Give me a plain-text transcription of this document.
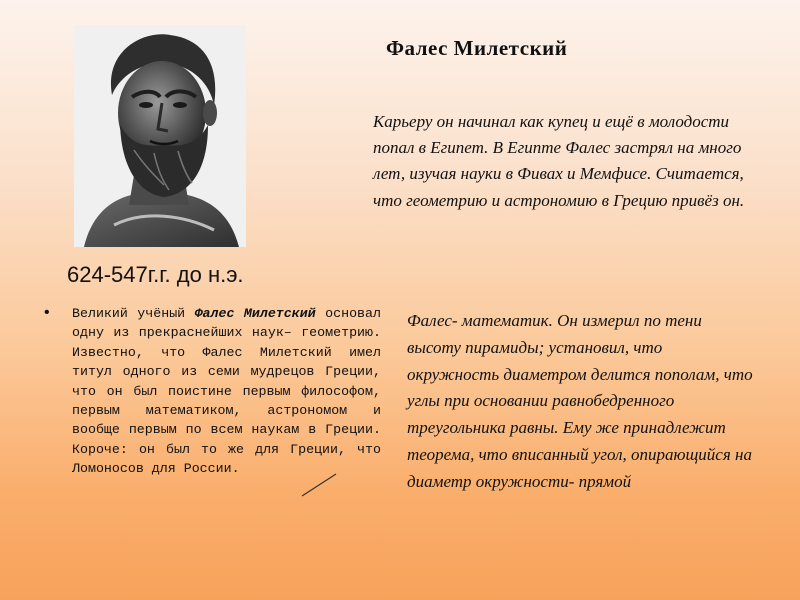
Фалес Милетский
Карьеру он начинал как купец и ещё в молодости попал в Египет. В Египте Фалес застрял на много лет, изучая науки в Фивах и Мемфисе. Считается, что геометрию и астрономию в Грецию привёз он.
624-547г.г. до н.э.
• Великий учёный Фалес Милетский основал одну из прекраснейших наук– геометрию. Известно, что Фалес Милетский имел титул одного из семи мудрецов Греции, что он был поистине первым философом, первым математиком, астрономом и вообще первым по всем наукам в Греции. Короче: он был то же для Греции, что Ломоносов для России.
Фалес- математик. Он измерил по тени высоту пирамиды; установил, что окружность диаметром делится пополам, что углы при основании равнобедренного треугольника равны. Ему же принадлежит теорема, что вписанный угол, опирающийся на диаметр окружности- прямой
